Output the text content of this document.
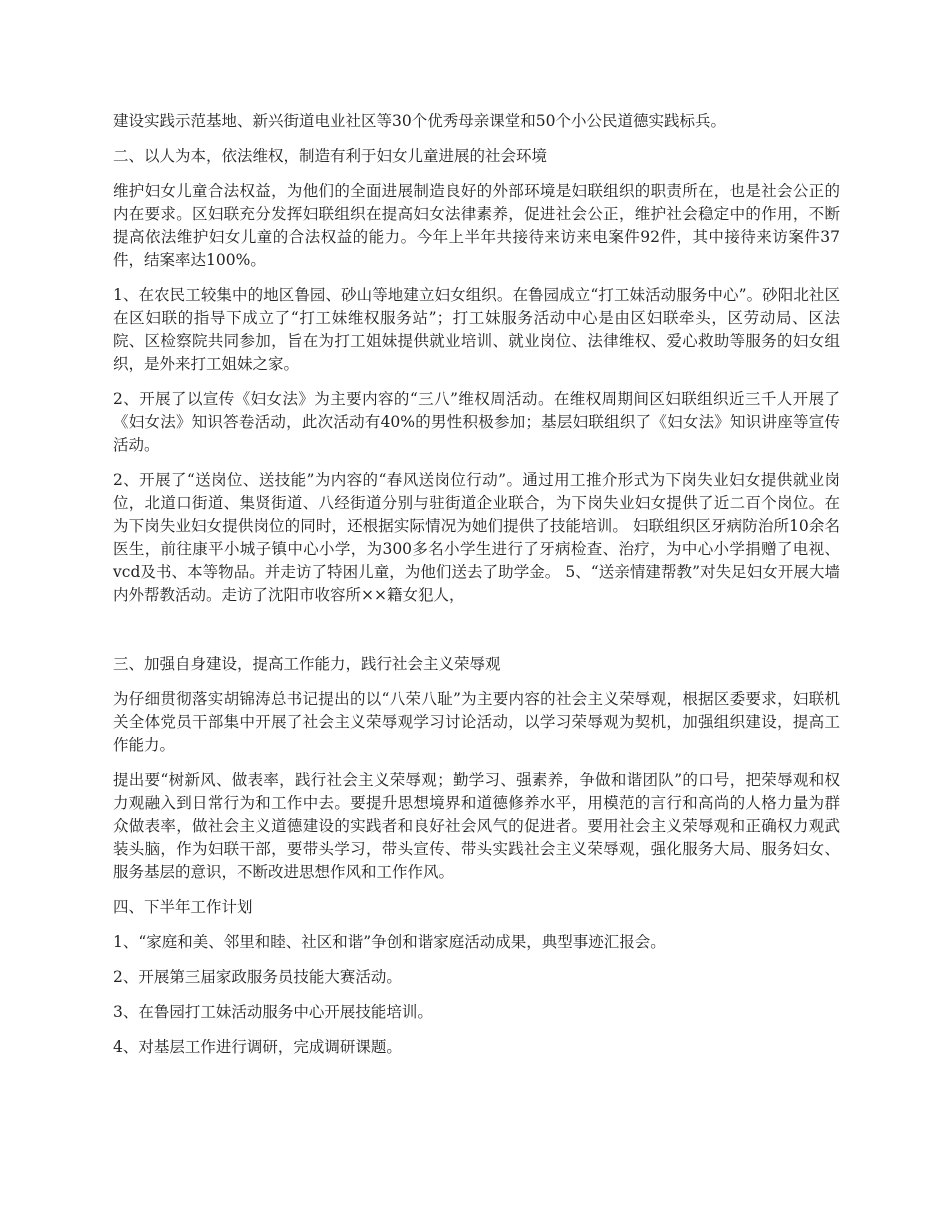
建设实践示范基地、新兴街道电业社区等30个优秀母亲课堂和50个小公民道德实践标兵。

二、以人为本，依法维权，制造有利于妇女儿童进展的社会环境

维护妇女儿童合法权益，为他们的全面进展制造良好的外部环境是妇联组织的职责所在，也是社会公正的内在要求。区妇联充分发挥妇联组织在提高妇女法律素养，促进社会公正，维护社会稳定中的作用，不断提高依法维护妇女儿童的合法权益的能力。今年上半年共接待来访来电案件92件，其中接待来访案件37件，结案率达100%。

1、在农民工较集中的地区鲁园、砂山等地建立妇女组织。在鲁园成立“打工妹活动服务中心”。砂阳北社区在区妇联的指导下成立了“打工妹维权服务站”；打工妹服务活动中心是由区妇联牵头，区劳动局、区法院、区检察院共同参加，旨在为打工姐妹提供就业培训、就业岗位、法律维权、爱心救助等服务的妇女组织，是外来打工姐妹之家。

2、开展了以宣传《妇女法》为主要内容的“三八”维权周活动。在维权周期间区妇联组织近三千人开展了《妇女法》知识答卷活动，此次活动有40%的男性积极参加；基层妇联组织了《妇女法》知识讲座等宣传活动。

2、开展了“送岗位、送技能”为内容的“春风送岗位行动”。通过用工推介形式为下岗失业妇女提供就业岗位，北道口街道、集贤街道、八经街道分别与驻街道企业联合，为下岗失业妇女提供了近二百个岗位。在为下岗失业妇女提供岗位的同时，还根据实际情况为她们提供了技能培训。 妇联组织区牙病防治所10余名医生，前往康平小城子镇中心小学，为300多名小学生进行了牙病检查、治疗，为中心小学捐赠了电视、vcd及书、本等物品。并走访了特困儿童，为他们送去了助学金。 5、“送亲情建帮教”对失足妇女开展大墙内外帮教活动。走访了沈阳市收容所××籍女犯人，

三、加强自身建设，提高工作能力，践行社会主义荣辱观

为仔细贯彻落实胡锦涛总书记提出的以“八荣八耻”为主要内容的社会主义荣辱观，根据区委要求，妇联机关全体党员干部集中开展了社会主义荣辱观学习讨论活动，以学习荣辱观为契机，加强组织建设，提高工作能力。

提出要“树新风、做表率，践行社会主义荣辱观；勤学习、强素养，争做和谐团队”的口号，把荣辱观和权力观融入到日常行为和工作中去。要提升思想境界和道德修养水平，用模范的言行和高尚的人格力量为群众做表率，做社会主义道德建设的实践者和良好社会风气的促进者。要用社会主义荣辱观和正确权力观武装头脑，作为妇联干部，要带头学习，带头宣传、带头实践社会主义荣辱观，强化服务大局、服务妇女、服务基层的意识，不断改进思想作风和工作作风。

四、下半年工作计划

1、“家庭和美、邻里和睦、社区和谐”争创和谐家庭活动成果，典型事迹汇报会。

2、开展第三届家政服务员技能大赛活动。

3、在鲁园打工妹活动服务中心开展技能培训。

4、对基层工作进行调研，完成调研课题。
